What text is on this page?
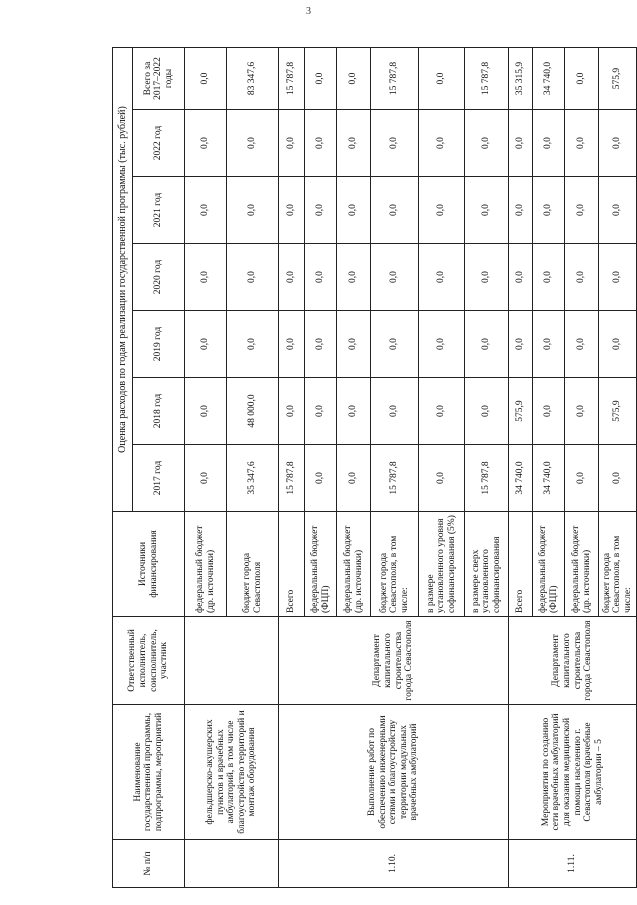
3
№ п/п	Наименование государственной программы, подпрограммы, мероприятий	Ответственный исполнитель, соисполнитель, участник	Источники финансирования	Оценка расходов по годам реализации государственной программы (тыс. рублей)						
				2017 год	2018 год	2019 год	2020 год	2021 год	2022 год	Всего за 2017–2022 годы
	фельдшерско-акушерских пунктов и врачебных амбулаторий, в том числе благоустройство территорий и монтаж оборудования		федеральный бюджет (др. источники)	0,0	0,0	0,0	0,0	0,0	0,0	0,0
			бюджет города Севастополя	35 347,6	48 000,0	0,0	0,0	0,0	0,0	83 347,6
1.10.	Выполнение работ по обеспечению инженерными сетями и благоустройству территории модульных врачебных амбулаторий	Департамент капитального строительства города Севастополя	Всего	15 787,8	0,0	0,0	0,0	0,0	0,0	15 787,8
			федеральный бюджет (ФЦП)	0,0	0,0	0,0	0,0	0,0	0,0	0,0
			федеральный бюджет (др. источники)	0,0	0,0	0,0	0,0	0,0	0,0	0,0
			бюджет города Севастополя, в том числе:	15 787,8	0,0	0,0	0,0	0,0	0,0	15 787,8
			в размере установленного уровня софинансирования (5%)	0,0	0,0	0,0	0,0	0,0	0,0	0,0
			в размере сверх установленного софинансирования	15 787,8	0,0	0,0	0,0	0,0	0,0	15 787,8
1.11.	Мероприятия по созданию сети врачебных амбулаторий для оказания медицинской помощи населению г. Севастополя (врачебные амбулатории – 5	Департамент капитального строительства города Севастополя	Всего	34 740,0	575,9	0,0	0,0	0,0	0,0	35 315,9
			федеральный бюджет (ФЦП)	34 740,0	0,0	0,0	0,0	0,0	0,0	34 740,0
			федеральный бюджет (др. источники)	0,0	0,0	0,0	0,0	0,0	0,0	0,0
			бюджет города Севастополя, в том числе:	0,0	575,9	0,0	0,0	0,0	0,0	575,9
